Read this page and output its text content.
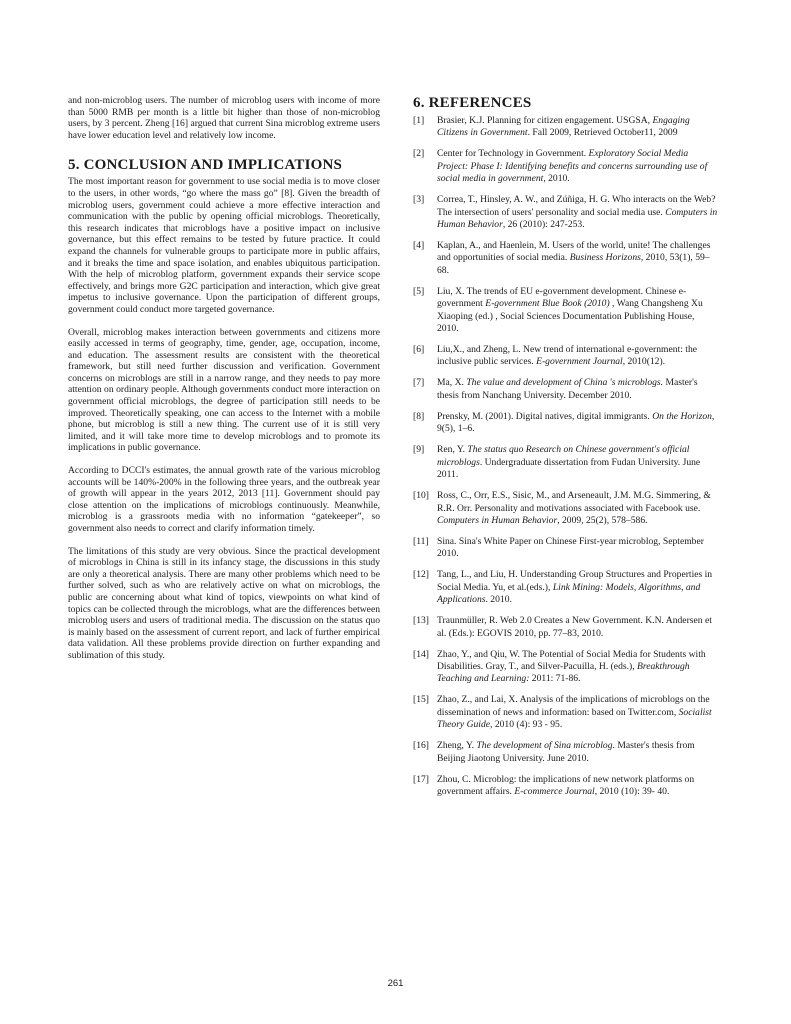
and non-microblog users. The number of microblog users with income of more than 5000 RMB per month is a little bit higher than those of non-microblog users, by 3 percent. Zheng [16] argued that current Sina microblog extreme users have lower education level and relatively low income.

5. CONCLUSION AND IMPLICATIONS

The most important reason for government to use social media is to move closer to the users, in other words, “go where the mass go” [8]. Given the breadth of microblog users, government could achieve a more effective interaction and communication with the public by opening official microblogs. Theoretically, this research indicates that microblogs have a positive impact on inclusive governance, but this effect remains to be tested by future practice. It could expand the channels for vulnerable groups to participate more in public affairs, and it breaks the time and space isolation, and enables ubiquitous participation. With the help of microblog platform, government expands their service scope effectively, and brings more G2C participation and interaction, which give great impetus to inclusive governance. Upon the participation of different groups, government could conduct more targeted governance.

Overall, microblog makes interaction between governments and citizens more easily accessed in terms of geography, time, gender, age, occupation, income, and education. The assessment results are consistent with the theoretical framework, but still need further discussion and verification. Government concerns on microblogs are still in a narrow range, and they needs to pay more attention on ordinary people. Although governments conduct more interaction on government official microblogs, the degree of participation still needs to be improved. Theoretically speaking, one can access to the Internet with a mobile phone, but microblog is still a new thing. The current use of it is still very limited, and it will take more time to develop microblogs and to promote its implications in public governance.

According to DCCI's estimates, the annual growth rate of the various microblog accounts will be 140%-200% in the following three years, and the outbreak year of growth will appear in the years 2012, 2013 [11]. Government should pay close attention on the implications of microblogs continuously. Meanwhile, microblog is a grassroots media with no information “gatekeeper”, so government also needs to correct and clarify information timely.

The limitations of this study are very obvious. Since the practical development of microblogs in China is still in its infancy stage, the discussions in this study are only a theoretical analysis. There are many other problems which need to be further solved, such as who are relatively active on what on microblogs, the public are concerning about what kind of topics, viewpoints on what kind of topics can be collected through the microblogs, what are the differences between microblog users and users of traditional media. The discussion on the status quo is mainly based on the assessment of current report, and lack of further empirical data validation. All these problems provide direction on further expanding and sublimation of this study.

6. REFERENCES
[1] Brasier, K.J. Planning for citizen engagement. USGSA, Engaging Citizens in Government. Fall 2009, Retrieved October11, 2009
[2] Center for Technology in Government. Exploratory Social Media Project: Phase I: Identifying benefits and concerns surrounding use of social media in government, 2010.
[3] Correa, T., Hinsley, A. W., and Zúñiga, H. G. Who interacts on the Web? The intersection of users' personality and social media use. Computers in Human Behavior, 26 (2010): 247-253.
[4] Kaplan, A., and Haenlein, M. Users of the world, unite! The challenges and opportunities of social media. Business Horizons, 2010, 53(1), 59–68.
[5] Liu, X. The trends of EU e-government development. Chinese e-government E-government Blue Book (2010) , Wang Changsheng Xu Xiaoping (ed.) , Social Sciences Documentation Publishing House, 2010.
[6] Liu,X., and Zheng, L. New trend of international e-government: the inclusive public services. E-government Journal, 2010(12).
[7] Ma, X. The value and development of China 's microblogs. Master's thesis from Nanchang University. December 2010.
[8] Prensky, M. (2001). Digital natives, digital immigrants. On the Horizon, 9(5), 1–6.
[9] Ren, Y. The status quo Research on Chinese government's official microblogs. Undergraduate dissertation from Fudan University. June 2011.
[10] Ross, C., Orr, E.S., Sisic, M., and Arseneault, J.M. M.G. Simmering, & R.R. Orr. Personality and motivations associated with Facebook use. Computers in Human Behavior, 2009, 25(2), 578–586.
[11] Sina. Sina's White Paper on Chinese First-year microblog, September 2010.
[12] Tang, L., and Liu, H. Understanding Group Structures and Properties in Social Media. Yu, et al.(eds.), Link Mining: Models, Algorithms, and Applications. 2010.
[13] Traunmüller, R. Web 2.0 Creates a New Government. K.N. Andersen et al. (Eds.): EGOVIS 2010, pp. 77–83, 2010.
[14] Zhao, Y., and Qiu, W. The Potential of Social Media for Students with Disabilities. Gray, T., and Silver-Pacuilla, H. (eds.), Breakthrough Teaching and Learning: 2011: 71-86.
[15] Zhao, Z., and Lai, X. Analysis of the implications of microblogs on the dissemination of news and information: based on Twitter.com, Socialist Theory Guide, 2010 (4): 93 - 95.
[16] Zheng, Y. The development of Sina microblog. Master's thesis from Beijing Jiaotong University. June 2010.
[17] Zhou, C. Microblog: the implications of new network platforms on government affairs. E-commerce Journal, 2010 (10): 39- 40.
261
